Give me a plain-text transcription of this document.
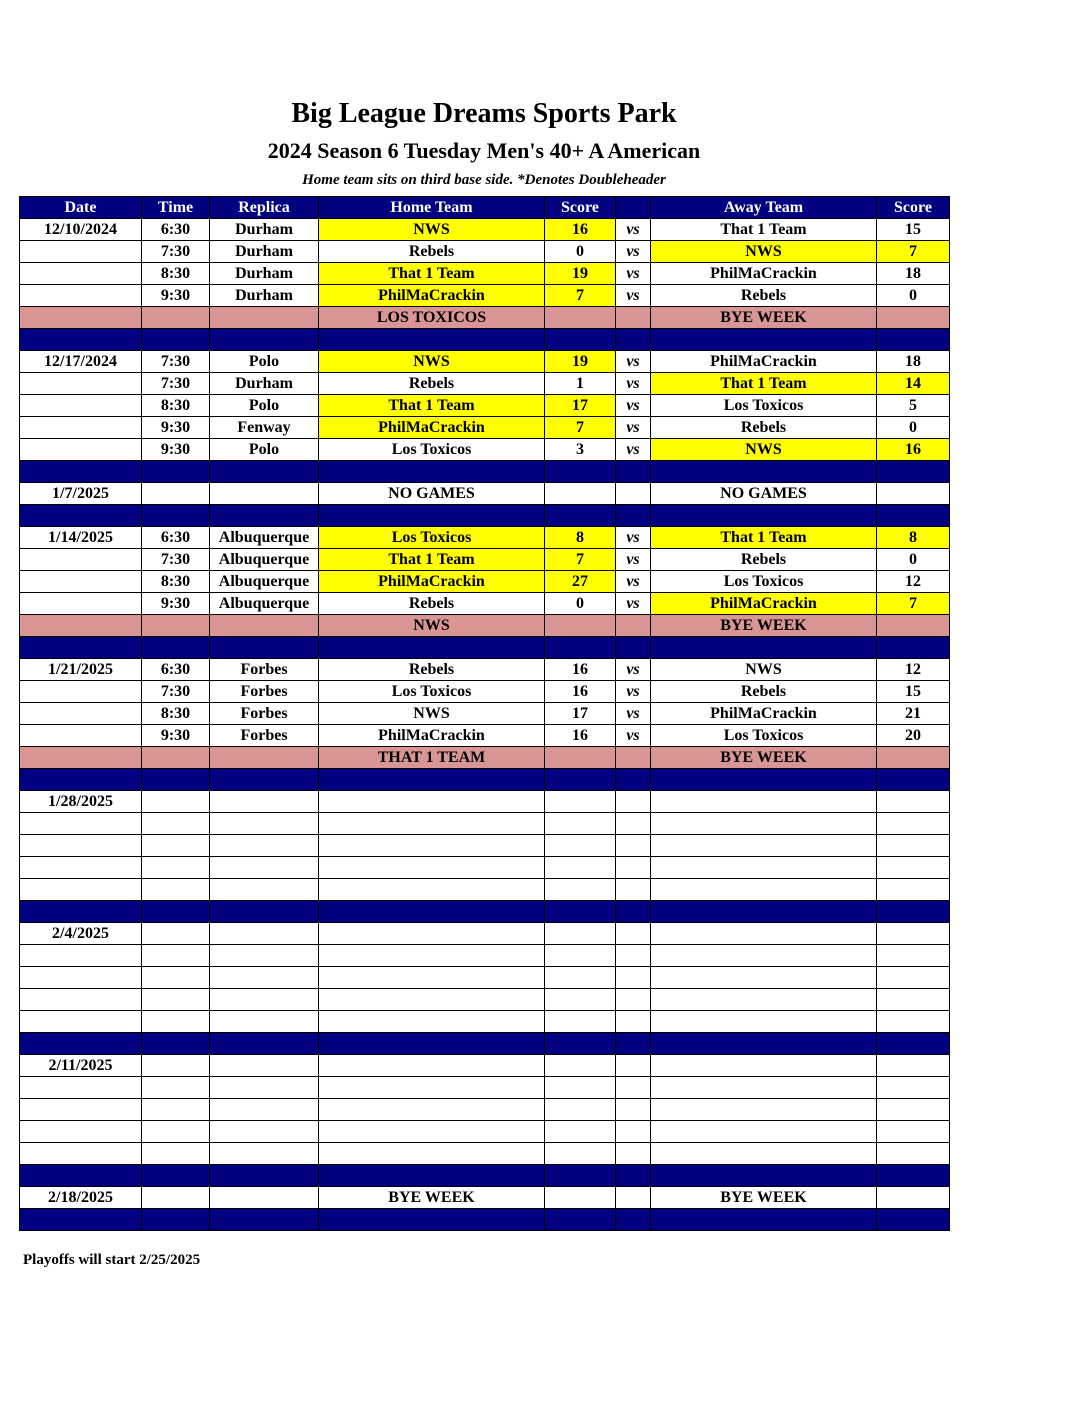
Big League Dreams Sports Park
2024 Season 6 Tuesday Men's 40+ A American
Home team sits on third base side. *Denotes Doubleheader
Date	Time	Replica	Home Team	Score		Away Team	Score
12/10/2024	6:30	Durham	NWS	16	vs	That 1 Team	15
	7:30	Durham	Rebels	0	vs	NWS	7
	8:30	Durham	That 1 Team	19	vs	PhilMaCrackin	18
	9:30	Durham	PhilMaCrackin	7	vs	Rebels	0
			LOS TOXICOS			BYE WEEK	

12/17/2024	7:30	Polo	NWS	19	vs	PhilMaCrackin	18
	7:30	Durham	Rebels	1	vs	That 1 Team	14
	8:30	Polo	That 1 Team	17	vs	Los Toxicos	5
	9:30	Fenway	PhilMaCrackin	7	vs	Rebels	0
	9:30	Polo	Los Toxicos	3	vs	NWS	16

1/7/2025			NO GAMES			NO GAMES	

1/14/2025	6:30	Albuquerque	Los Toxicos	8	vs	That 1 Team	8
	7:30	Albuquerque	That 1 Team	7	vs	Rebels	0
	8:30	Albuquerque	PhilMaCrackin	27	vs	Los Toxicos	12
	9:30	Albuquerque	Rebels	0	vs	PhilMaCrackin	7
			NWS			BYE WEEK	

1/21/2025	6:30	Forbes	Rebels	16	vs	NWS	12
	7:30	Forbes	Los Toxicos	16	vs	Rebels	15
	8:30	Forbes	NWS	17	vs	PhilMaCrackin	21
	9:30	Forbes	PhilMaCrackin	16	vs	Los Toxicos	20
			THAT 1 TEAM			BYE WEEK	

1/28/2025							

2/4/2025							

2/11/2025							

2/18/2025			BYE WEEK			BYE WEEK	

Playoffs will start 2/25/2025
